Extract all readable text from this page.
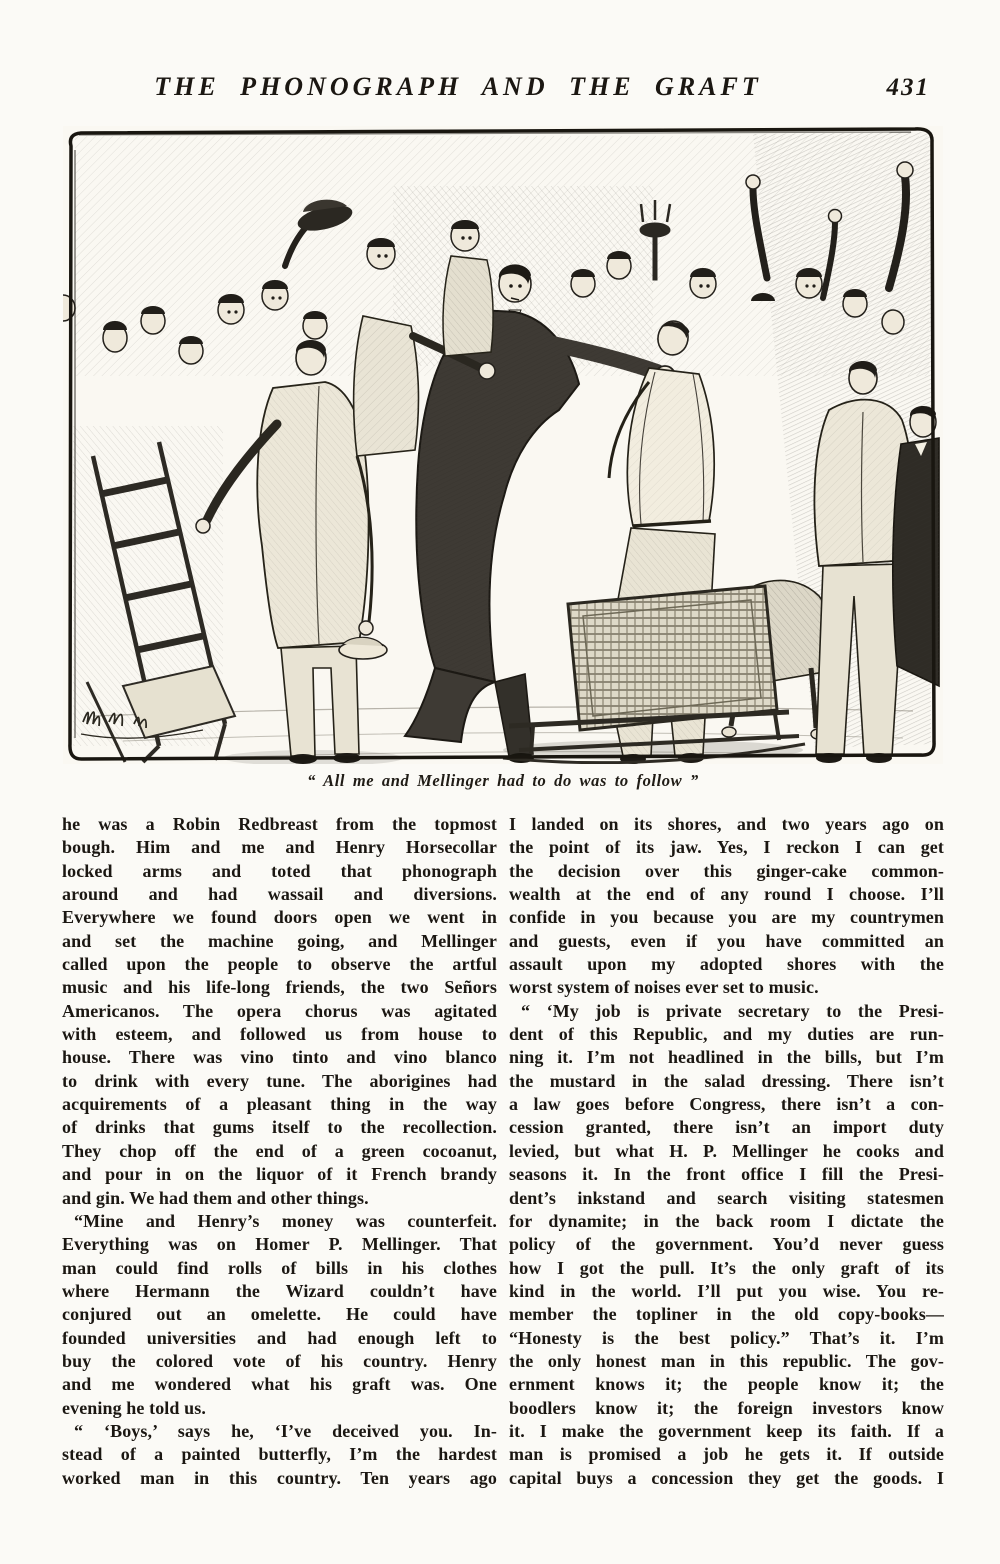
THE PHONOGRAPH AND THE GRAFT	431
“ All me and Mellinger had to do was to follow ”
he was a Robin Redbreast from the topmost
bough. Him and me and Henry Horsecollar
locked arms and toted that phonograph
around and had wassail and diversions.
Everywhere we found doors open we went in
and set the machine going, and Mellinger
called upon the people to observe the artful
music and his life-long friends, the two Señors
Americanos. The opera chorus was agitated
with esteem, and followed us from house to
house. There was vino tinto and vino blanco
to drink with every tune. The aborigines had
acquirements of a pleasant thing in the way
of drinks that gums itself to the recollection.
They chop off the end of a green cocoanut,
and pour in on the liquor of it French brandy
and gin. We had them and other things.
“Mine and Henry’s money was counterfeit.
Everything was on Homer P. Mellinger. That
man could find rolls of bills in his clothes
where Hermann the Wizard couldn’t have
conjured out an omelette. He could have
founded universities and had enough left to
buy the colored vote of his country. Henry
and me wondered what his graft was. One
evening he told us.
“ ‘Boys,’ says he, ‘I’ve deceived you. In-
stead of a painted butterfly, I’m the hardest
worked man in this country. Ten years ago
I landed on its shores, and two years ago on
the point of its jaw. Yes, I reckon I can get
the decision over this ginger-cake common-
wealth at the end of any round I choose. I’ll
confide in you because you are my countrymen
and guests, even if you have committed an
assault upon my adopted shores with the
worst system of noises ever set to music.
“ ‘My job is private secretary to the Presi-
dent of this Republic, and my duties are run-
ning it. I’m not headlined in the bills, but I’m
the mustard in the salad dressing. There isn’t
a law goes before Congress, there isn’t a con-
cession granted, there isn’t an import duty
levied, but what H. P. Mellinger he cooks and
seasons it. In the front office I fill the Presi-
dent’s inkstand and search visiting statesmen
for dynamite; in the back room I dictate the
policy of the government. You’d never guess
how I got the pull. It’s the only graft of its
kind in the world. I’ll put you wise. You re-
member the topliner in the old copy-books—
“Honesty is the best policy.” That’s it. I’m
the only honest man in this republic. The gov-
ernment knows it; the people know it; the
boodlers know it; the foreign investors know
it. I make the government keep its faith. If a
man is promised a job he gets it. If outside
capital buys a concession they get the goods. I
